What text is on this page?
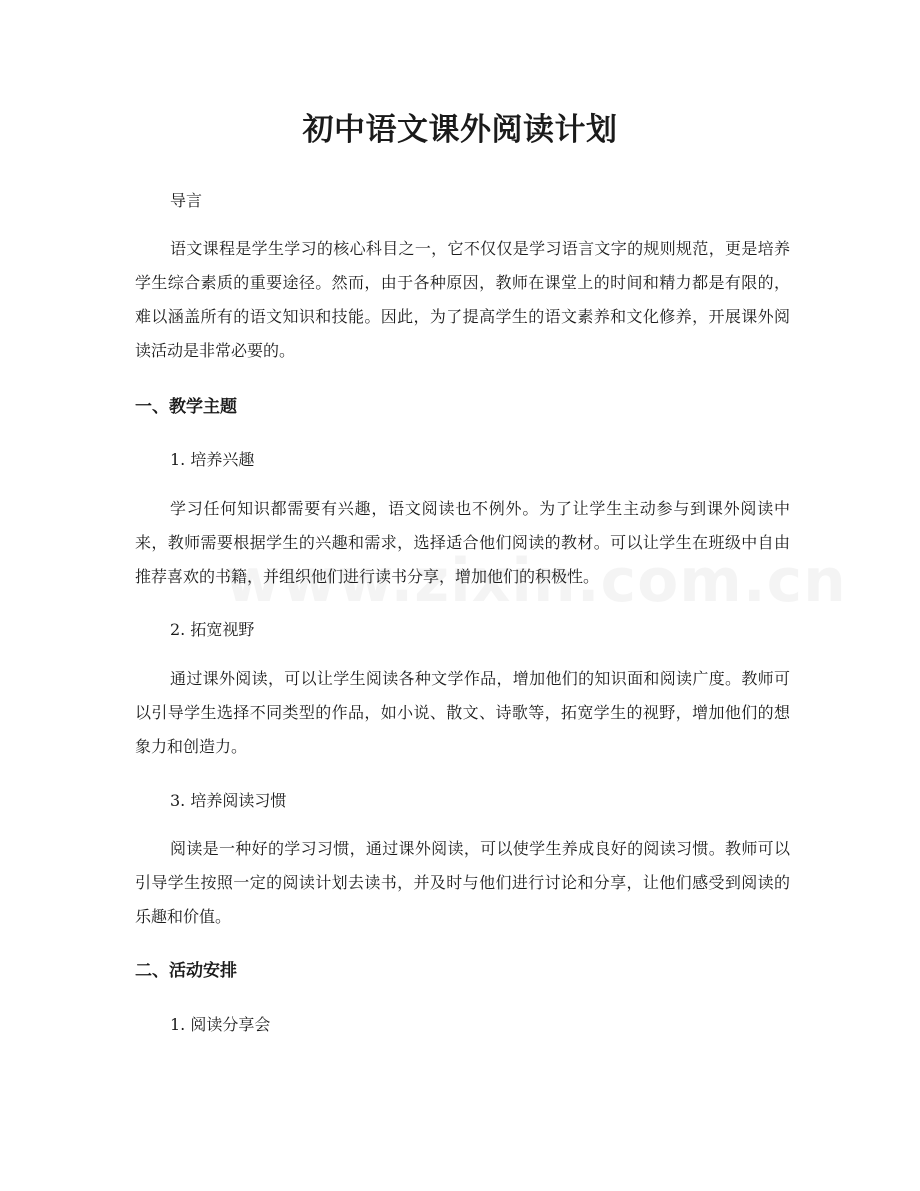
初中语文课外阅读计划
导言
语文课程是学生学习的核心科目之一，它不仅仅是学习语言文字的规则规范，更是培养学生综合素质的重要途径。然而，由于各种原因，教师在课堂上的时间和精力都是有限的，难以涵盖所有的语文知识和技能。因此，为了提高学生的语文素养和文化修养，开展课外阅读活动是非常必要的。
一、教学主题
1. 培养兴趣
学习任何知识都需要有兴趣，语文阅读也不例外。为了让学生主动参与到课外阅读中来，教师需要根据学生的兴趣和需求，选择适合他们阅读的教材。可以让学生在班级中自由推荐喜欢的书籍，并组织他们进行读书分享，增加他们的积极性。
2. 拓宽视野
通过课外阅读，可以让学生阅读各种文学作品，增加他们的知识面和阅读广度。教师可以引导学生选择不同类型的作品，如小说、散文、诗歌等，拓宽学生的视野，增加他们的想象力和创造力。
3. 培养阅读习惯
阅读是一种好的学习习惯，通过课外阅读，可以使学生养成良好的阅读习惯。教师可以引导学生按照一定的阅读计划去读书，并及时与他们进行讨论和分享，让他们感受到阅读的乐趣和价值。
二、活动安排
1. 阅读分享会
